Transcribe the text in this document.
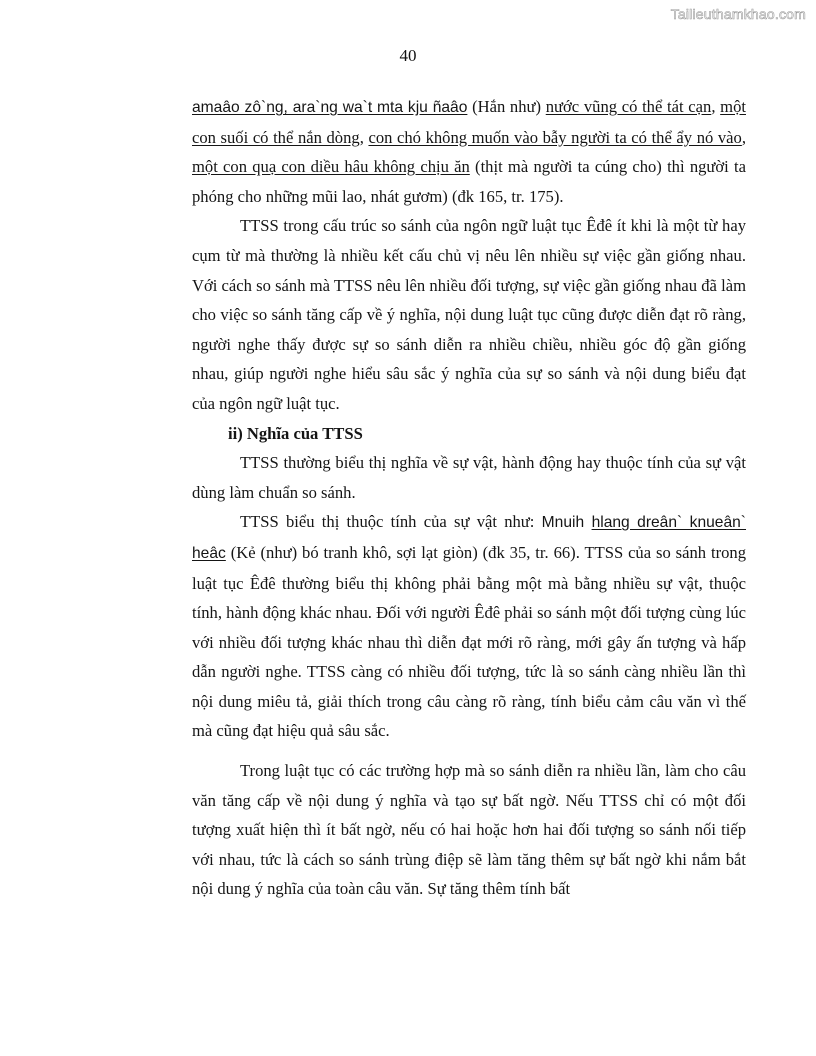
Tailieuthamkhao.com
40

amaâo zô`ng, ara`ng wa`t mta kju ñaâo (Hắn như) nước vũng có thể tát cạn, một con suối có thể nắn dòng, con chó không muốn vào bẫy người ta có thể ẩy nó vào, một con quạ con diều hâu không chịu ăn (thịt mà người ta cúng cho) thì người ta phóng cho những mũi lao, nhát gươm) (đk 165, tr. 175).

TTSS trong cấu trúc so sánh của ngôn ngữ luật tục Êđê ít khi là một từ hay cụm từ mà thường là nhiều kết cấu chủ vị nêu lên nhiều sự việc gần giống nhau. Với cách so sánh mà TTSS nêu lên nhiều đối tượng, sự việc gần giống nhau đã làm cho việc so sánh tăng cấp về ý nghĩa, nội dung luật tục cũng được diễn đạt rõ ràng, người nghe thấy được sự so sánh diễn ra nhiều chiều, nhiều góc độ gần giống nhau, giúp người nghe hiểu sâu sắc ý nghĩa của sự so sánh và nội dung biểu đạt của ngôn ngữ luật tục.

ii) Nghĩa của TTSS

TTSS thường biểu thị nghĩa về sự vật, hành động hay thuộc tính của sự vật dùng làm chuẩn so sánh.

TTSS biểu thị thuộc tính của sự vật như: Mnuih hlang dreân` knueân` heâc (Kẻ (như) bó tranh khô, sợi lạt giòn) (đk 35, tr. 66). TTSS của so sánh trong luật tục Êđê thường biểu thị không phải bằng một mà bằng nhiều sự vật, thuộc tính, hành động khác nhau. Đối với người Êđê phải so sánh một đối tượng cùng lúc với nhiều đối tượng khác nhau thì diễn đạt mới rõ ràng, mới gây ấn tượng và hấp dẫn người nghe. TTSS càng có nhiều đối tượng, tức là so sánh càng nhiều lần thì nội dung miêu tả, giải thích trong câu càng rõ ràng, tính biểu cảm câu văn vì thế mà cũng đạt hiệu quả sâu sắc.

Trong luật tục có các trường hợp mà so sánh diễn ra nhiều lần, làm cho câu văn tăng cấp về nội dung ý nghĩa và tạo sự bất ngờ. Nếu TTSS chỉ có một đối tượng xuất hiện thì ít bất ngờ, nếu có hai hoặc hơn hai đối tượng so sánh nối tiếp với nhau, tức là cách so sánh trùng điệp sẽ làm tăng thêm sự bất ngờ khi nắm bắt nội dung ý nghĩa của toàn câu văn. Sự tăng thêm tính bất
